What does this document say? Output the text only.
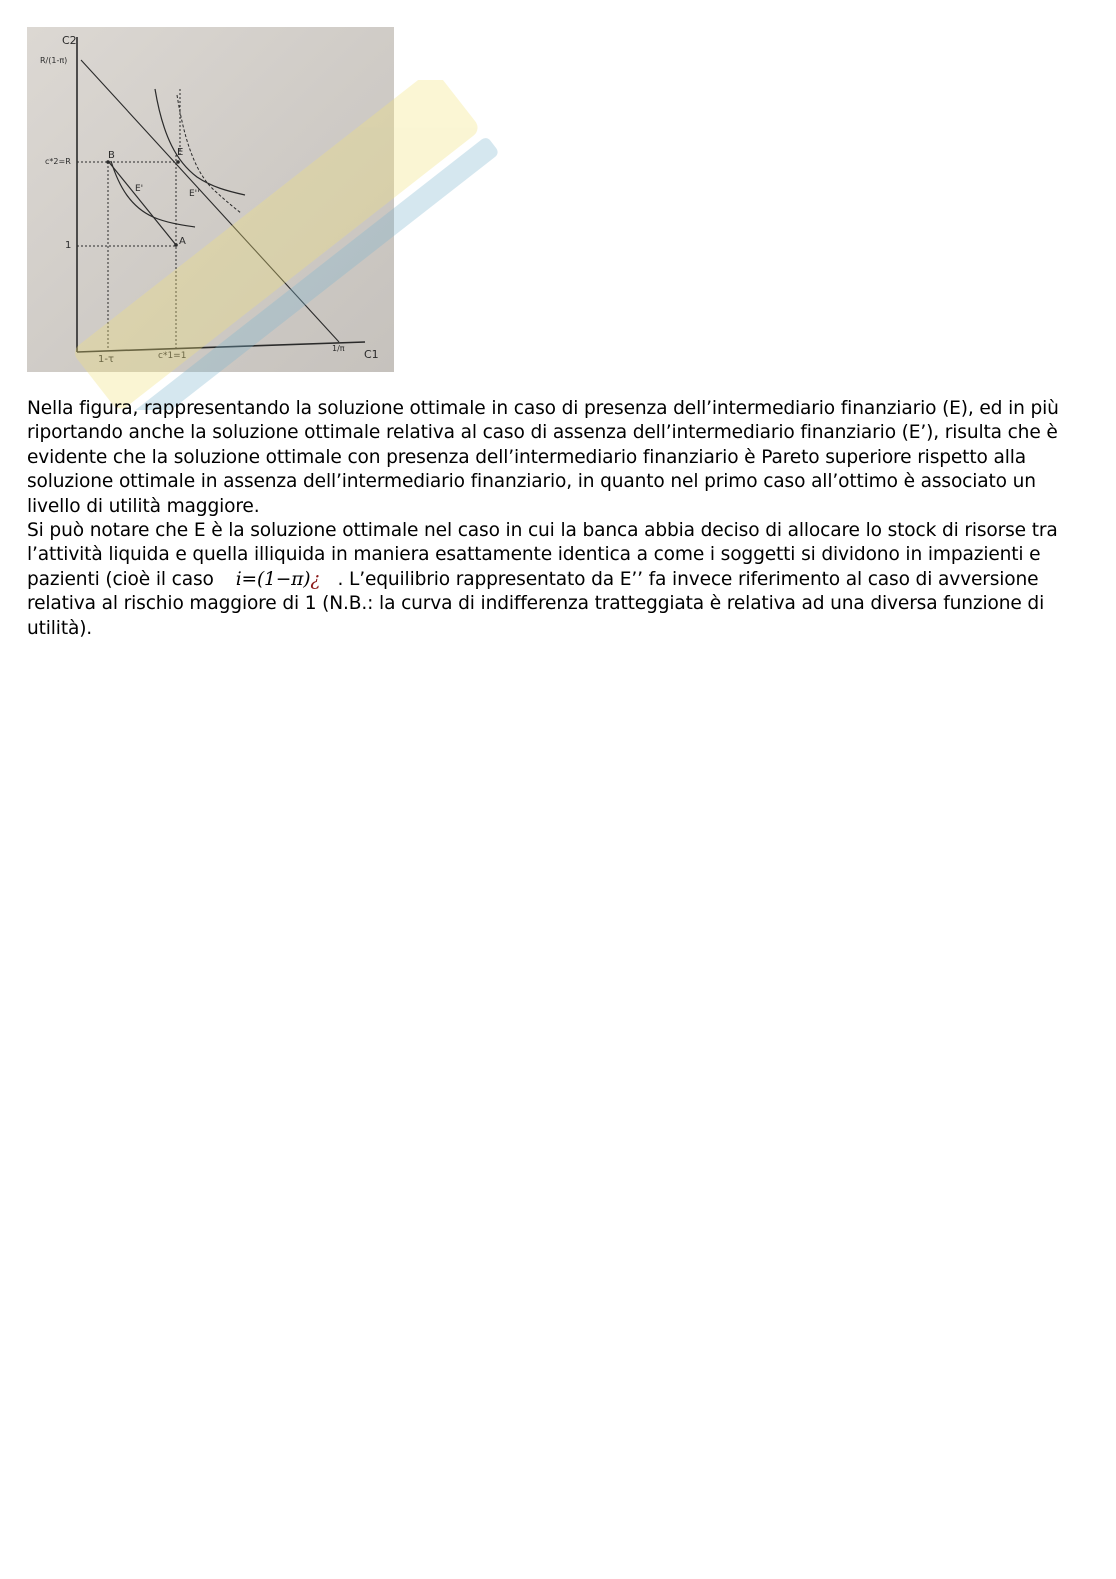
C2
C1
R/(1-π)
c*2=R
1
1-τ	c*1=1
1/π
B	E
E'	E''
A

Nella figura, rappresentando la soluzione ottimale in caso di presenza dell’intermediario finanziario (E), ed in più riportando anche la soluzione ottimale relativa al caso di assenza dell’intermediario finanziario (E’), risulta che è evidente che la soluzione ottimale con presenza dell’intermediario finanziario è Pareto superiore rispetto alla soluzione ottimale in assenza dell’intermediario finanziario, in quanto nel primo caso all’ottimo è associato un livello di utilità maggiore.

Si può notare che E è la soluzione ottimale nel caso in cui la banca abbia deciso di allocare lo stock di risorse tra l’attività liquida e quella illiquida in maniera esattamente identica a come i soggetti si dividono in impazienti e pazienti (cioè il caso i=(1−π)¿ . L’equilibrio rappresentato da E’’ fa invece riferimento al caso di avversione relativa al rischio maggiore di 1 (N.B.: la curva di indifferenza tratteggiata è relativa ad una diversa funzione di utilità).
